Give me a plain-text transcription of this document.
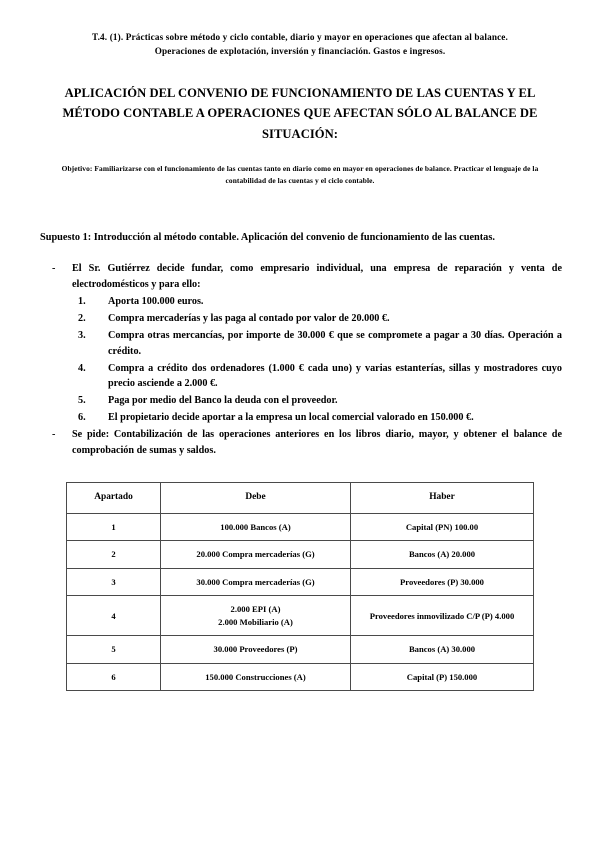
T.4. (1). Prácticas sobre método y ciclo contable, diario y mayor en operaciones que afectan al balance.
Operaciones de explotación, inversión y financiación. Gastos e ingresos.
APLICACIÓN DEL CONVENIO DE FUNCIONAMIENTO DE LAS CUENTAS Y EL MÉTODO CONTABLE A OPERACIONES QUE AFECTAN SÓLO AL BALANCE DE SITUACIÓN:
Objetivo: Familiarizarse con el funcionamiento de las cuentas tanto en diario como en mayor en operaciones de balance. Practicar el lenguaje de la contabilidad de las cuentas y el ciclo contable.
Supuesto 1: Introducción al método contable. Aplicación del convenio de funcionamiento de las cuentas.
- El Sr. Gutiérrez decide fundar, como empresario individual, una empresa de reparación y venta de electrodomésticos y para ello:
1. Aporta 100.000 euros.
2. Compra mercaderías y las paga al contado por valor de 20.000 €.
3. Compra otras mercancías, por importe de 30.000 € que se compromete a pagar a 30 días. Operación a crédito.
4. Compra a crédito dos ordenadores (1.000 € cada uno) y varias estanterías, sillas y mostradores cuyo precio asciende a 2.000 €.
5. Paga por medio del Banco la deuda con el proveedor.
6. El propietario decide aportar a la empresa un local comercial valorado en 150.000 €.
- Se pide: Contabilización de las operaciones anteriores en los libros diario, mayor, y obtener el balance de comprobación de sumas y saldos.
Apartado	Debe	Haber
1	100.000 Bancos (A)	Capital (PN) 100.00

2	20.000 Compra mercaderías (G)	Bancos (A) 20.000

3	30.000 Compra mercaderías (G)	Proveedores (P) 30.000

4	2.000 EPI (A)
2.000 Mobiliario (A)	Proveedores inmovilizado C/P (P) 4.000

5	30.000 Proveedores (P)	Bancos (A) 30.000

6	150.000 Construcciones (A)	Capital (P) 150.000
